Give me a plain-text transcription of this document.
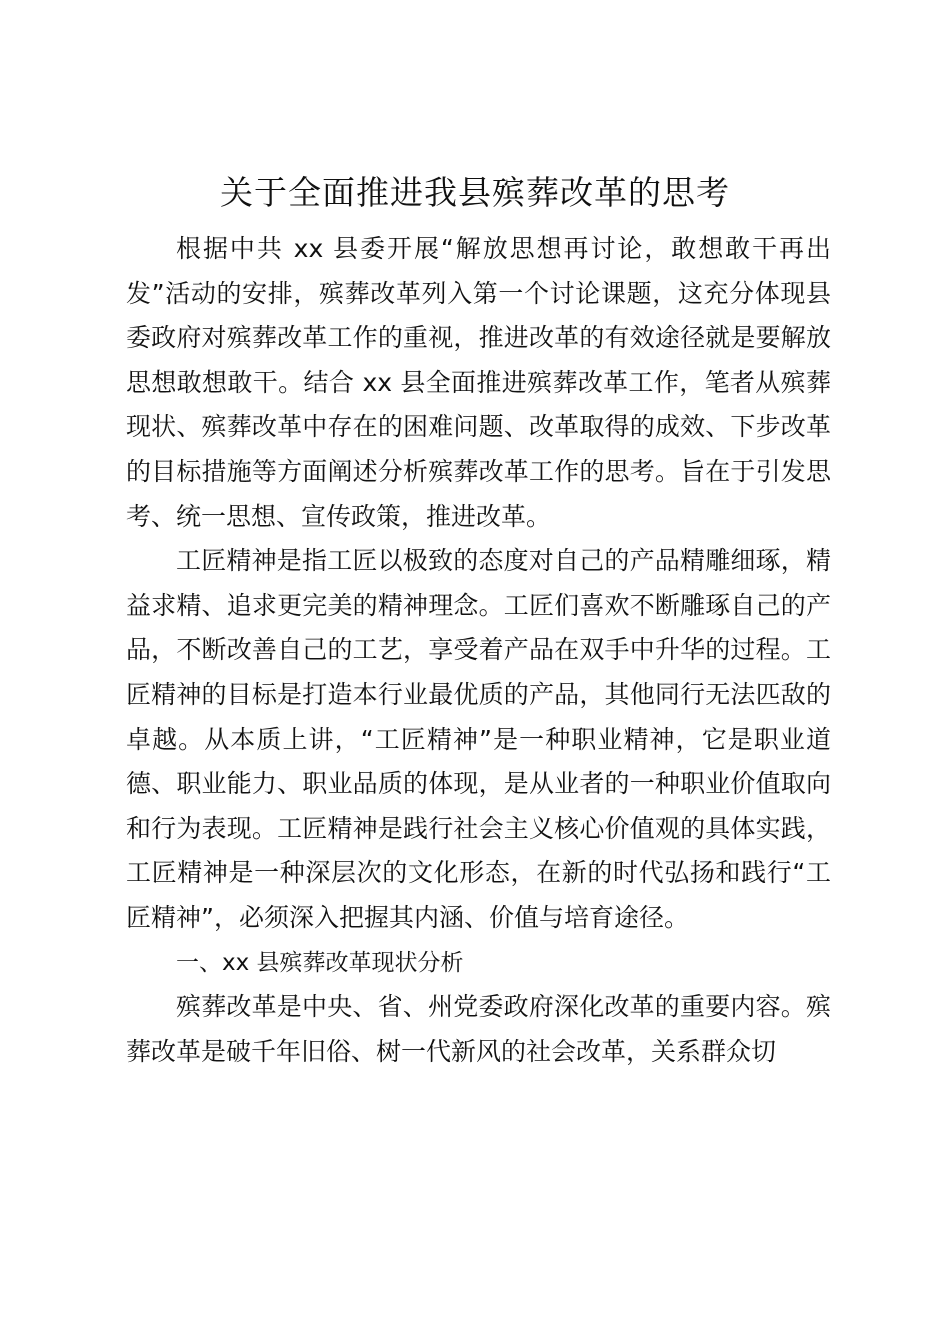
关于全面推进我县殡葬改革的思考

根据中共 xx 县委开展“解放思想再讨论，敢想敢干再出发”活动的安排，殡葬改革列入第一个讨论课题，这充分体现县委政府对殡葬改革工作的重视，推进改革的有效途径就是要解放思想敢想敢干。结合 xx 县全面推进殡葬改革工作，笔者从殡葬现状、殡葬改革中存在的困难问题、改革取得的成效、下步改革的目标措施等方面阐述分析殡葬改革工作的思考。旨在于引发思考、统一思想、宣传政策，推进改革。

工匠精神是指工匠以极致的态度对自己的产品精雕细琢，精益求精、追求更完美的精神理念。工匠们喜欢不断雕琢自己的产品，不断改善自己的工艺，享受着产品在双手中升华的过程。工匠精神的目标是打造本行业最优质的产品，其他同行无法匹敌的卓越。从本质上讲，“工匠精神”是一种职业精神，它是职业道德、职业能力、职业品质的体现，是从业者的一种职业价值取向和行为表现。工匠精神是践行社会主义核心价值观的具体实践，工匠精神是一种深层次的文化形态，在新的时代弘扬和践行“工匠精神”，必须深入把握其内涵、价值与培育途径。

一、xx 县殡葬改革现状分析

殡葬改革是中央、省、州党委政府深化改革的重要内容。殡葬改革是破千年旧俗、树一代新风的社会改革，关系群众切
